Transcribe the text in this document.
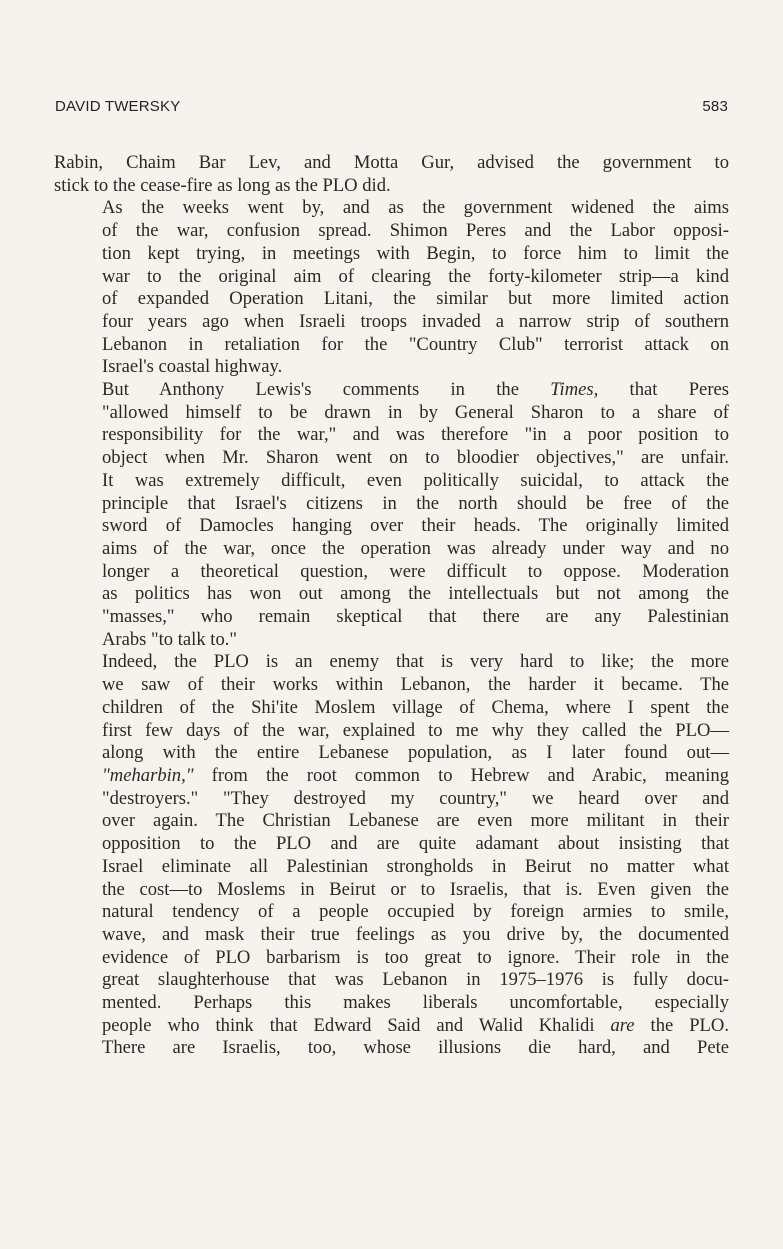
DAVID TWERSKY	583

Rabin, Chaim Bar Lev, and Motta Gur, advised the government to
stick to the cease-fire as long as the PLO did.

As the weeks went by, and as the government widened the aims
of the war, confusion spread. Shimon Peres and the Labor opposi-
tion kept trying, in meetings with Begin, to force him to limit the
war to the original aim of clearing the forty-kilometer strip—a kind
of expanded Operation Litani, the similar but more limited action
four years ago when Israeli troops invaded a narrow strip of southern
Lebanon in retaliation for the "Country Club" terrorist attack on
Israel's coastal highway.

But Anthony Lewis's comments in the Times, that Peres
"allowed himself to be drawn in by General Sharon to a share of
responsibility for the war," and was therefore "in a poor position to
object when Mr. Sharon went on to bloodier objectives," are unfair.
It was extremely difficult, even politically suicidal, to attack the
principle that Israel's citizens in the north should be free of the
sword of Damocles hanging over their heads. The originally limited
aims of the war, once the operation was already under way and no
longer a theoretical question, were difficult to oppose. Moderation
as politics has won out among the intellectuals but not among the
"masses," who remain skeptical that there are any Palestinian
Arabs "to talk to."

Indeed, the PLO is an enemy that is very hard to like; the more
we saw of their works within Lebanon, the harder it became. The
children of the Shi'ite Moslem village of Chema, where I spent the
first few days of the war, explained to me why they called the PLO—
along with the entire Lebanese population, as I later found out—
"meharbin," from the root common to Hebrew and Arabic, meaning
"destroyers." "They destroyed my country," we heard over and
over again. The Christian Lebanese are even more militant in their
opposition to the PLO and are quite adamant about insisting that
Israel eliminate all Palestinian strongholds in Beirut no matter what
the cost—to Moslems in Beirut or to Israelis, that is. Even given the
natural tendency of a people occupied by foreign armies to smile,
wave, and mask their true feelings as you drive by, the documented
evidence of PLO barbarism is too great to ignore. Their role in the
great slaughterhouse that was Lebanon in 1975–1976 is fully docu-
mented. Perhaps this makes liberals uncomfortable, especially
people who think that Edward Said and Walid Khalidi are the PLO.
There are Israelis, too, whose illusions die hard, and Pete
